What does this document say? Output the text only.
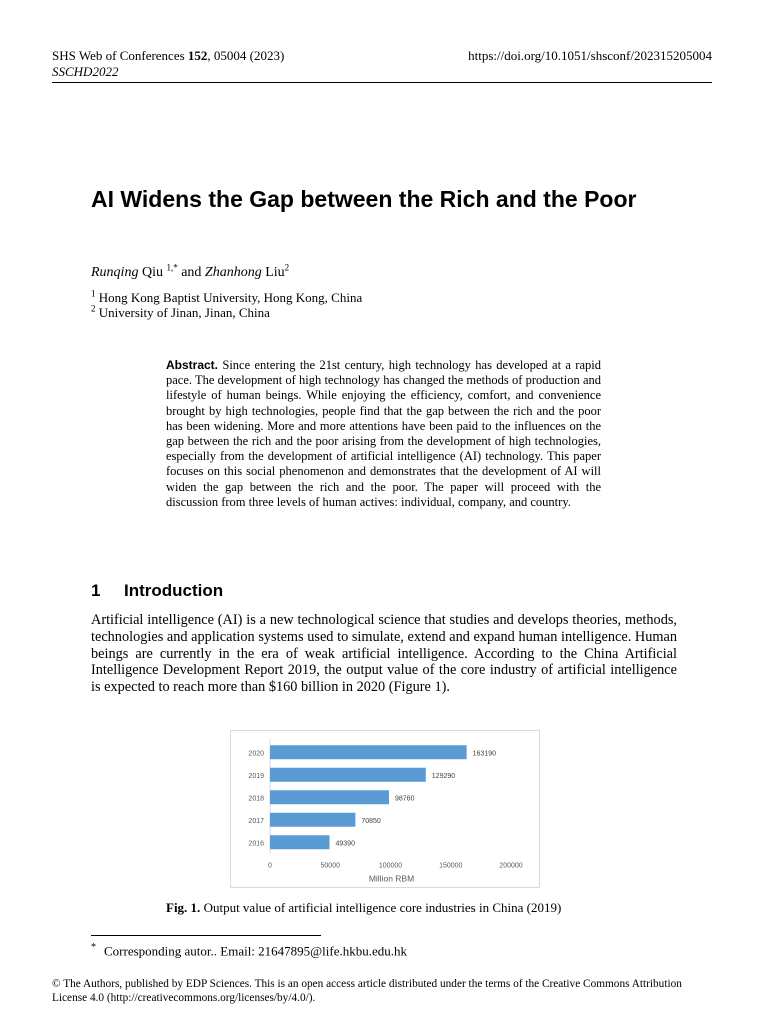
SHS Web of Conferences 152, 05004 (2023)
SSCHD2022
https://doi.org/10.1051/shsconf/202315205004
AI Widens the Gap between the Rich and the Poor
Runqing Qiu $^{1,*}$ and Zhanhong Liu$^2$
$^1$ Hong Kong Baptist University, Hong Kong, China
$^2$ University of Jinan, Jinan, China
Abstract. Since entering the 21st century, high technology has developed at a rapid pace. The development of high technology has changed the methods of production and lifestyle of human beings. While enjoying the efficiency, comfort, and convenience brought by high technologies, people find that the gap between the rich and the poor has been widening. More and more attentions have been paid to the influences on the gap between the rich and the poor arising from the development of high technologies, especially from the development of artificial intelligence (AI) technology. This paper focuses on this social phenomenon and demonstrates that the development of AI will widen the gap between the rich and the poor. The paper will proceed with the discussion from three levels of human actives: individual, company, and country.
1 Introduction
Artificial intelligence (AI) is a new technological science that studies and develops theories, methods, technologies and application systems used to simulate, extend and expand human intelligence. Human beings are currently in the era of weak artificial intelligence. According to the China Artificial Intelligence Development Report 2019, the output value of the core industry of artificial intelligence is expected to reach more than $160 billion in 2020 (Figure 1).
2020	163190
2019	129290
2018	98760
2017	70850
2016	49390
0	50000	100000	150000	200000
Million RBM
Fig. 1. Output value of artificial intelligence core industries in China (2019)
* Corresponding autor.. Email: 21647895@life.hkbu.edu.hk
© The Authors, published by EDP Sciences. This is an open access article distributed under the terms of the Creative Commons Attribution License 4.0 (http://creativecommons.org/licenses/by/4.0/).
